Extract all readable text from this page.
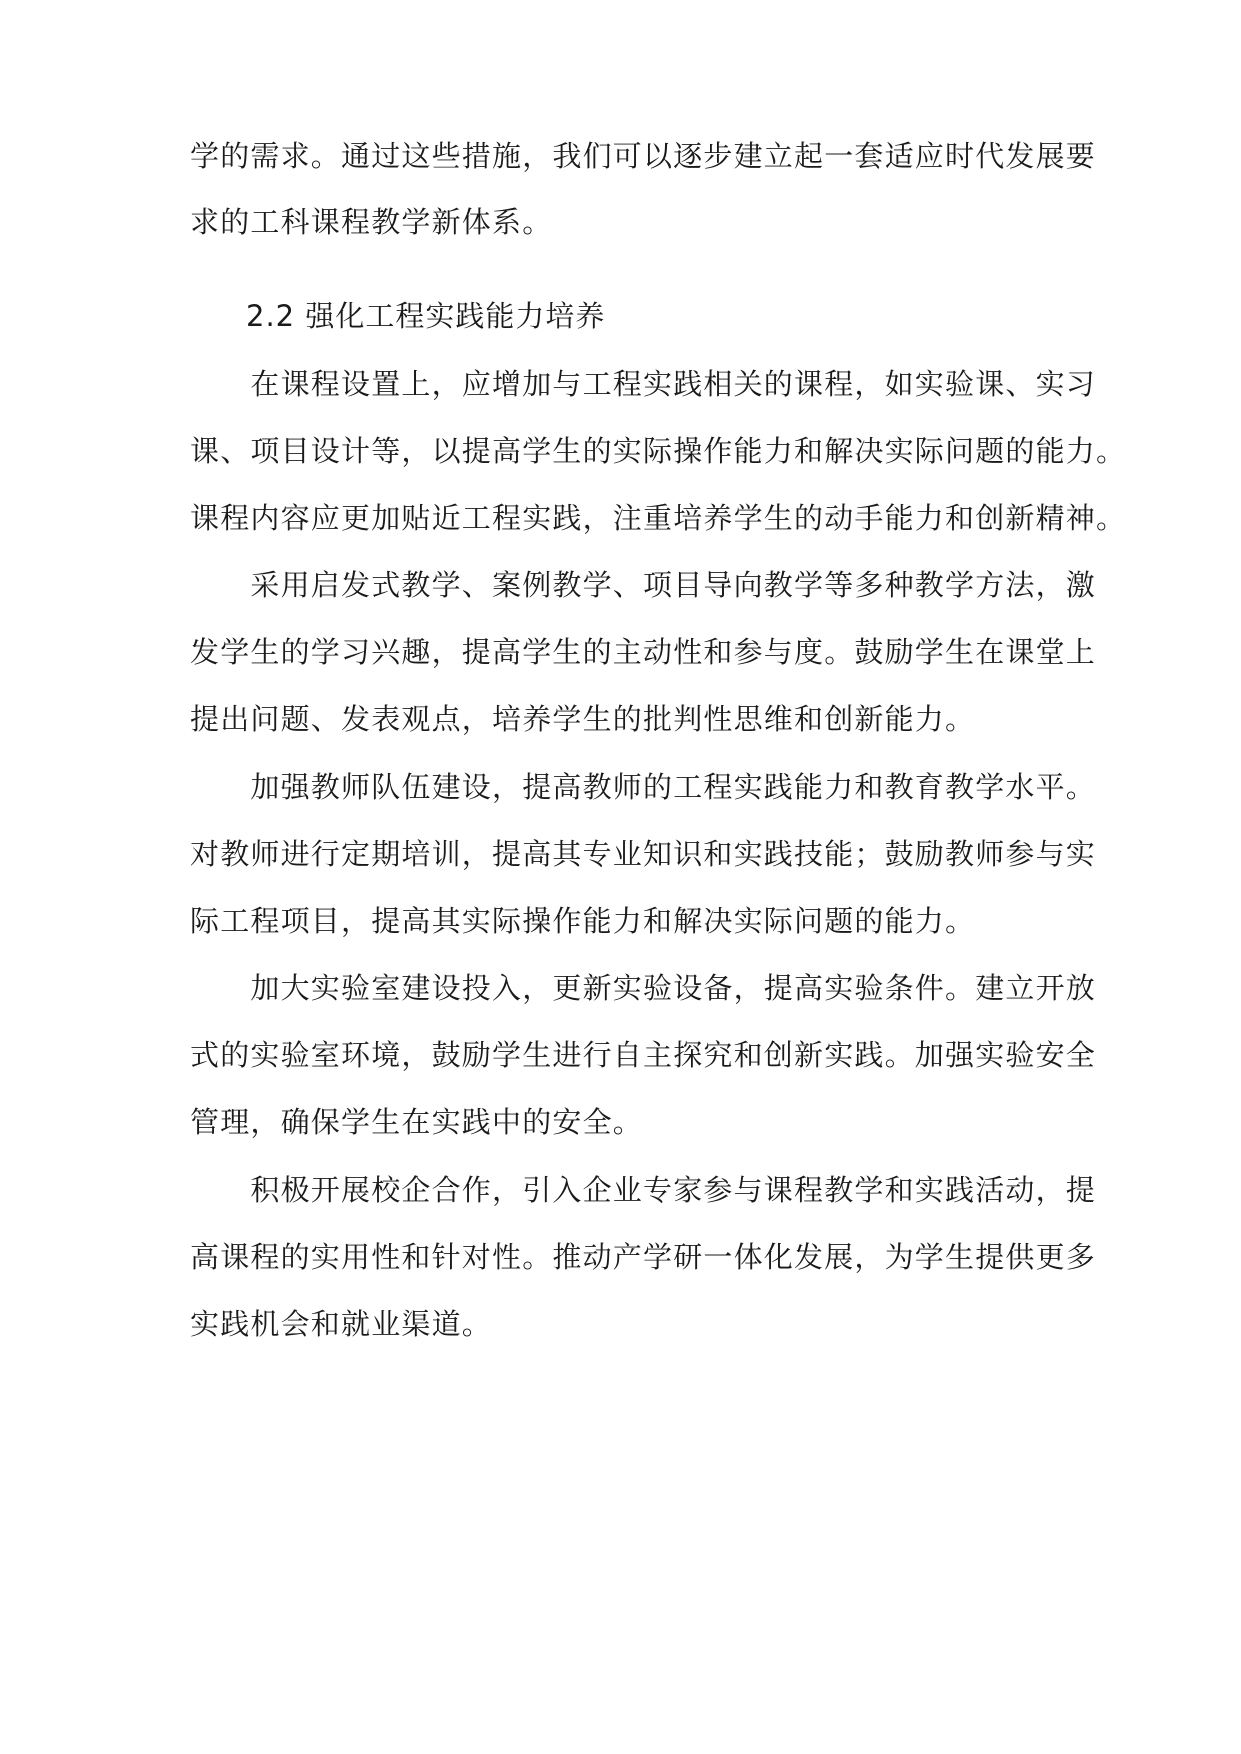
学的需求。通过这些措施，我们可以逐步建立起一套适应时代发展要
求的工科课程教学新体系。
2.2 强化工程实践能力培养
　　在课程设置上，应增加与工程实践相关的课程，如实验课、实习
课、项目设计等，以提高学生的实际操作能力和解决实际问题的能力。
课程内容应更加贴近工程实践，注重培养学生的动手能力和创新精神。
　　采用启发式教学、案例教学、项目导向教学等多种教学方法，激
发学生的学习兴趣，提高学生的主动性和参与度。鼓励学生在课堂上
提出问题、发表观点，培养学生的批判性思维和创新能力。
　　加强教师队伍建设，提高教师的工程实践能力和教育教学水平。
对教师进行定期培训，提高其专业知识和实践技能；鼓励教师参与实
际工程项目，提高其实际操作能力和解决实际问题的能力。
　　加大实验室建设投入，更新实验设备，提高实验条件。建立开放
式的实验室环境，鼓励学生进行自主探究和创新实践。加强实验安全
管理，确保学生在实践中的安全。
　　积极开展校企合作，引入企业专家参与课程教学和实践活动，提
高课程的实用性和针对性。推动产学研一体化发展，为学生提供更多
实践机会和就业渠道。
